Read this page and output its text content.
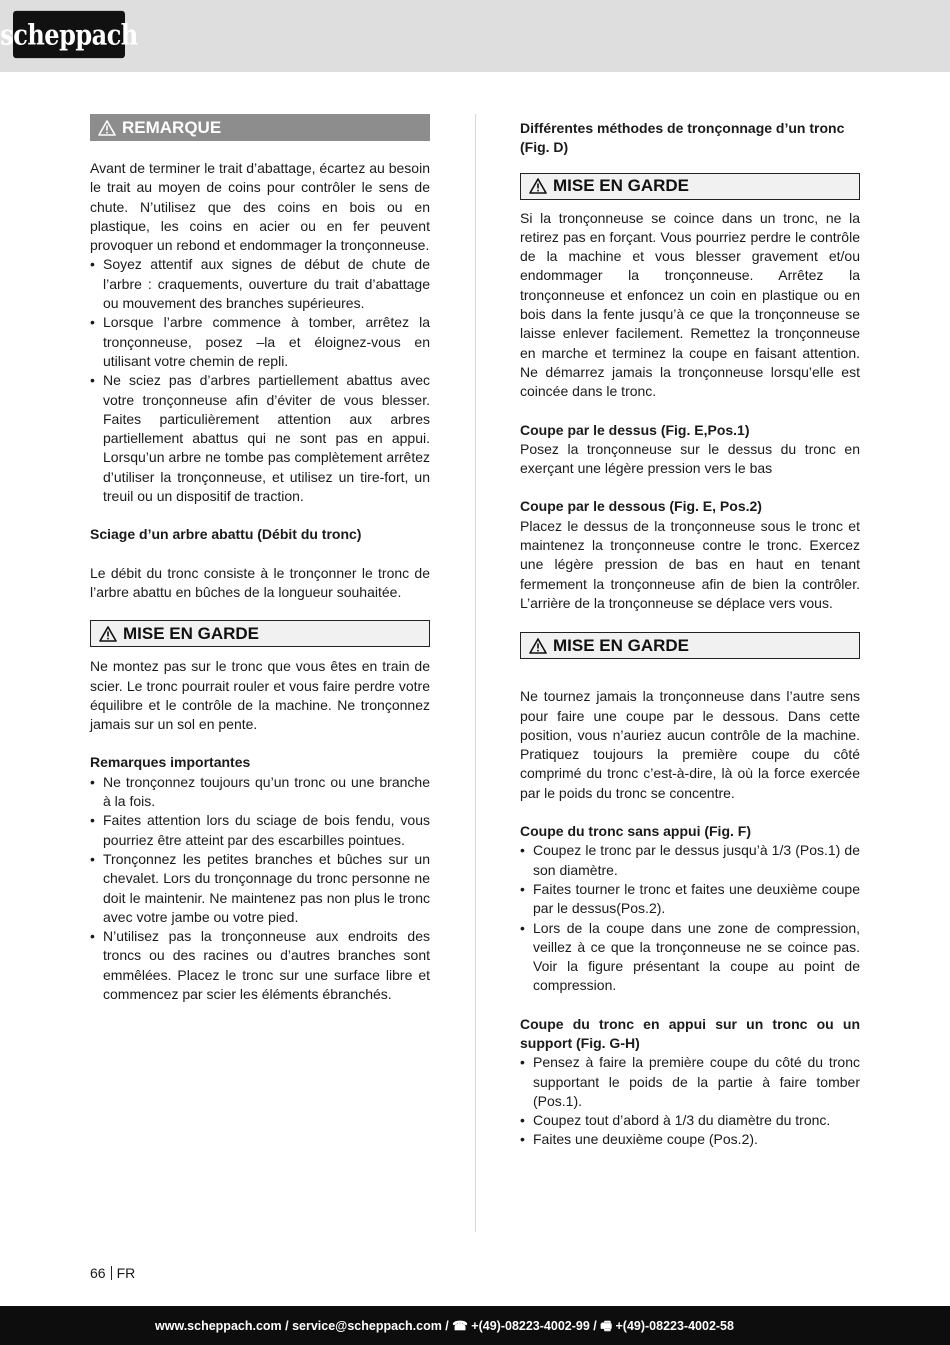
scheppach
REMARQUE

Avant de terminer le trait d’abattage, écartez au besoin le trait au moyen de coins pour contrôler le sens de chute. N’utilisez que des coins en bois ou en plastique, les coins en acier ou en fer peuvent provoquer un rebond et endommager la tronçonneuse.

• Soyez attentif aux signes de début de chute de l’arbre : craquements, ouverture du trait d’abattage ou mouvement des branches supérieures.
• Lorsque l’arbre commence à tomber, arrêtez la tronçonneuse, posez –la et éloignez-vous en utilisant votre chemin de repli.
• Ne sciez pas d’arbres partiellement abattus avec votre tronçonneuse afin d’éviter de vous blesser. Faites particulièrement attention aux arbres partiellement abattus qui ne sont pas en appui. Lorsqu’un arbre ne tombe pas complètement arrêtez d’utiliser la tronçonneuse, et utilisez un tire-fort, un treuil ou un dispositif de traction.

Sciage d’un arbre abattu (Débit du tronc)

Le débit du tronc consiste à le tronçonner le tronc de l’arbre abattu en bûches de la longueur souhaitée.

MISE EN GARDE

Ne montez pas sur le tronc que vous êtes en train de scier. Le tronc pourrait rouler et vous faire perdre votre équilibre et le contrôle de la machine. Ne tronçonnez jamais sur un sol en pente.

Remarques importantes

• Ne tronçonnez toujours qu’un tronc ou une branche à la fois.
• Faites attention lors du sciage de bois fendu, vous pourriez être atteint par des escarbilles pointues.
• Tronçonnez les petites branches et bûches sur un chevalet. Lors du tronçonnage du tronc personne ne doit le maintenir. Ne maintenez pas non plus le tronc avec votre jambe ou votre pied.
• N’utilisez pas la tronçonneuse aux endroits des troncs ou des racines ou d’autres branches sont emmêlées. Placez le tronc sur une surface libre et commencez par scier les éléments ébranchés.

Différentes méthodes de tronçonnage d’un tronc (Fig. D)

MISE EN GARDE

Si la tronçonneuse se coince dans un tronc, ne la retirez pas en forçant. Vous pourriez perdre le contrôle de la machine et vous blesser gravement et/ou endommager la tronçonneuse. Arrêtez la tronçonneuse et enfoncez un coin en plastique ou en bois dans la fente jusqu’à ce que la tronçonneuse se laisse enlever facilement. Remettez la tronçonneuse en marche et terminez la coupe en faisant attention. Ne démarrez jamais la tronçonneuse lorsqu’elle est coincée dans le tronc.

Coupe par le dessus (Fig. E,Pos.1)

Posez la tronçonneuse sur le dessus du tronc en exerçant une légère pression vers le bas

Coupe par le dessous (Fig. E, Pos.2)

Placez le dessus de la tronçonneuse sous le tronc et maintenez la tronçonneuse contre le tronc. Exercez une légère pression de bas en haut en tenant fermement la tronçonneuse afin de bien la contrôler. L’arrière de la tronçonneuse se déplace vers vous.

MISE EN GARDE

Ne tournez jamais la tronçonneuse dans l’autre sens pour faire une coupe par le dessous. Dans cette position, vous n’auriez aucun contrôle de la machine. Pratiquez toujours la première coupe du côté comprimé du tronc c’est-à-dire, là où la force exercée par le poids du tronc se concentre.

Coupe du tronc sans appui (Fig. F)

• Coupez le tronc par le dessus jusqu’à 1/3 (Pos.1) de son diamètre.
• Faites tourner le tronc et faites une deuxième coupe par le dessus(Pos.2).
• Lors de la coupe dans une zone de compression, veillez à ce que la tronçonneuse ne se coince pas. Voir la figure présentant la coupe au point de compression.

Coupe du tronc en appui sur un tronc ou un support (Fig. G-H)

• Pensez à faire la première coupe du côté du tronc supportant le poids de la partie à faire tomber (Pos.1).
• Coupez tout d’abord à 1/3 du diamètre du tronc.
• Faites une deuxième coupe (Pos.2).
66 FR
www.scheppach.com / service@scheppach.com / ☎ +(49)-08223-4002-99 / 🖷 +(49)-08223-4002-58
